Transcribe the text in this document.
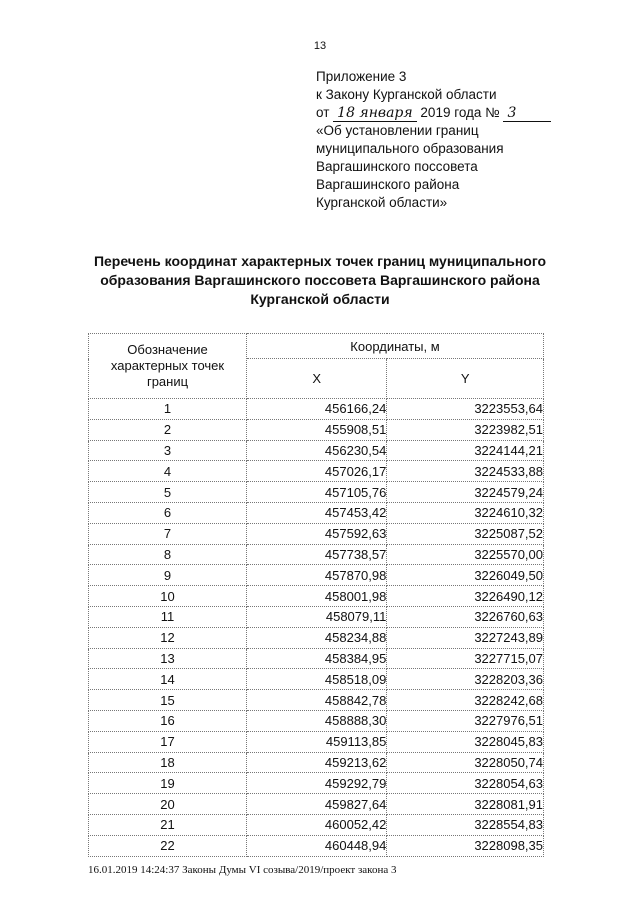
13
Приложение 3
к Закону Курганской области
от 18 января 2019 года № 3
«Об установлении границ
муниципального образования
Варгашинского поссовета
Варгашинского района
Курганской области»
Перечень координат характерных точек границ муниципального образования Варгашинского поссовета Варгашинского района Курганской области
Обозначение характерных точек границ	Координаты, м	
	X	Y
1	456166,24	3223553,64
2	455908,51	3223982,51
3	456230,54	3224144,21
4	457026,17	3224533,88
5	457105,76	3224579,24
6	457453,42	3224610,32
7	457592,63	3225087,52
8	457738,57	3225570,00
9	457870,98	3226049,50
10	458001,98	3226490,12
11	458079,11	3226760,63
12	458234,88	3227243,89
13	458384,95	3227715,07
14	458518,09	3228203,36
15	458842,78	3228242,68
16	458888,30	3227976,51
17	459113,85	3228045,83
18	459213,62	3228050,74
19	459292,79	3228054,63
20	459827,64	3228081,91
21	460052,42	3228554,83
22	460448,94	3228098,35
16.01.2019 14:24:37 Законы Думы VI созыва/2019/проект закона 3
